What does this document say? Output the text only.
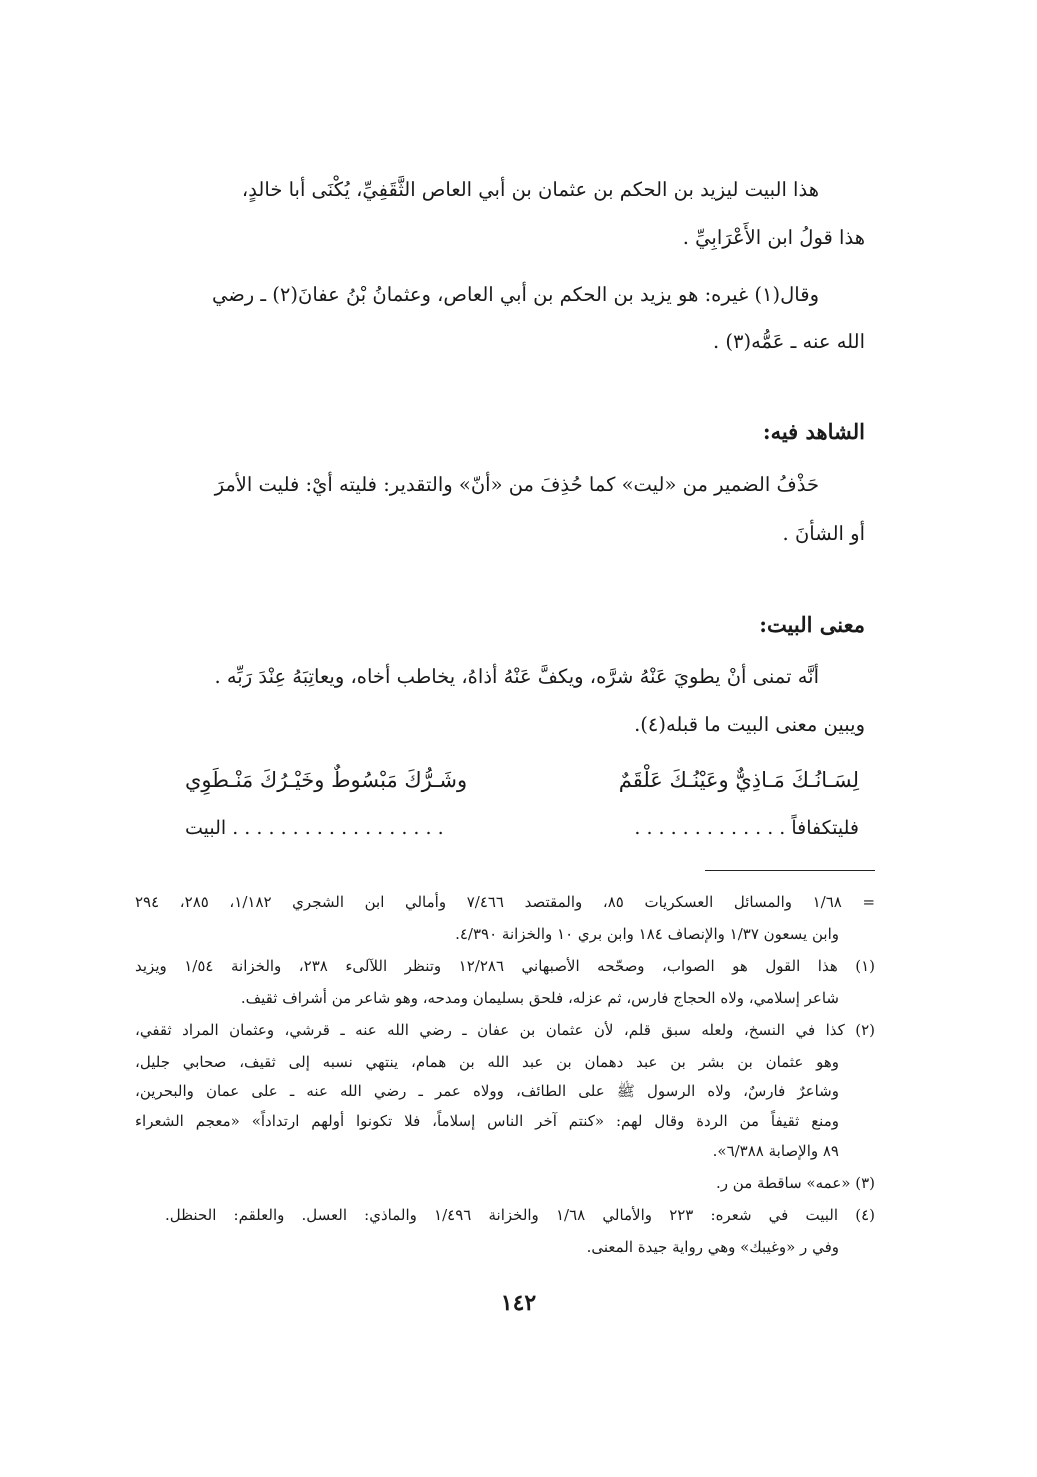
هذا البيت ليزيد بن الحكم بن عثمان بن أبي العاص الثَّقَفِيِّ، يُكْنَى أبا خالدٍ،
هذا قولُ ابن الأَعْرَابِيِّ .
وقال(١) غيره: هو يزيد بن الحكم بن أبي العاص، وعثمانُ بْنُ عفانَ(٢) ـ رضي
الله عنه ـ عَمُّه(٣) .
الشاهد فيه:
حَذْفُ الضمير من «ليت» كما حُذِفَ من «أنّ» والتقدير: فليته أيْ: فليت الأمرَ
أو الشأنَ .
معنى البيت:
أنَّه تمنى أنْ يطويَ عَنْهُ شرَّه، ويكفَّ عَنْهُ أذاهُ، يخاطب أخاه، ويعاتِبَهُ عِنْدَ رَبِّه .
ويبين معنى البيت ما قبله(٤).
لِسَـانُـكَ مَـاذِيٌّ وعَيْنُـكَ عَلْقَمٌ
وشَـرُّكَ مَبْسُوطٌ وخَيْـرُكَ مَنْـطَوِي
فليتكفافاً . . . . . . . . . . . . .
. . . . . . . . . . . . . . . . . . البيت
= ١/٦٨ والمسائل العسكريات ٨٥، والمقتصد ٧/٤٦٦ وأمالي ابن الشجري ١/١٨٢، ٢٨٥، ٢٩٤
وابن يسعون ١/٣٧ والإنصاف ١٨٤ وابن بري ١٠ والخزانة ٤/٣٩٠.
(١) هذا القول هو الصواب، وصحّحه الأصبهاني ١٢/٢٨٦ وتنظر اللآلىء ٢٣٨، والخزانة ١/٥٤ ويزيد
شاعر إسلامي، ولاه الحجاج فارس، ثم عزله، فلحق بسليمان ومدحه، وهو شاعر من أشراف ثقيف.
(٢) كذا في النسخ، ولعله سبق قلم، لأن عثمان بن عفان ـ رضي الله عنه ـ قرشي، وعثمان المراد ثقفي،
وهو عثمان بن بشر بن عبد دهمان بن عبد الله بن همام، ينتهي نسبه إلى ثقيف، صحابي جليل،
وشاعرٌ فارسٌ، ولاه الرسول ﷺ على الطائف، وولاه عمر ـ رضي الله عنه ـ على عمان والبحرين،
ومنع ثقيفاً من الردة وقال لهم: «كنتم آخر الناس إسلاماً، فلا تكونوا أولهم ارتداداً» «معجم الشعراء
٨٩ والإصابة ٦/٣٨٨».
(٣) «عمه» ساقطة من ر.
(٤) البيت في شعره: ٢٢٣ والأمالي ١/٦٨ والخزانة ١/٤٩٦ والماذي: العسل. والعلقم: الحنظل.
وفي ر «وغيبك» وهي رواية جيدة المعنى.
١٤٢
